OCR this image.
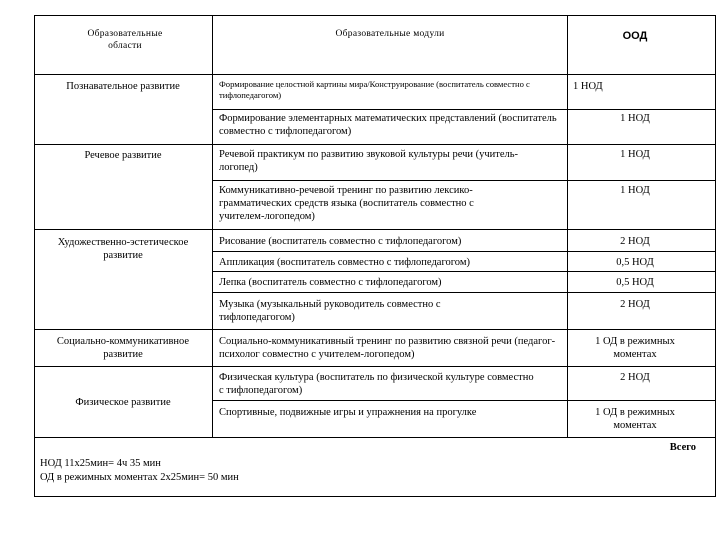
Образовательные области
Образовательные модули	ООД
Познавательное развитие
Речевое развитие
Художественно-эстетическое развитие
Социально-коммуникативное развитие
Физическое развитие
Формирование целостной картины мира/Конструирование (воспитатель совместно с тифлопедагогом)
Формирование элементарных математических представлений (воспитатель совместно с тифлопедагогом)
Речевой практикум по развитию звуковой культуры речи (учитель-логопед)
Коммуникативно-речевой тренинг по развитию лексико-грамматических средств языка (воспитатель совместно с учителем-логопедом)
Рисование (воспитатель совместно с тифлопедагогом)
Аппликация (воспитатель совместно с тифлопедагогом)
Лепка (воспитатель совместно с тифлопедагогом)
Музыка (музыкальный руководитель совместно с тифлопедагогом)
Социально-коммуникативный тренинг по развитию связной речи (педагог-психолог совместно с учителем-логопедом)
Физическая культура (воспитатель по физической культуре совместно с тифлопедагогом)
Спортивные, подвижные игры и упражнения на прогулке
1 НОД
1 НОД
1 НОД
1 НОД
2 НОД
0,5 НОД
0,5 НОД
2 НОД
1 ОД в режимных моментах
2 НОД
1 ОД в режимных моментах
Всего
НОД 11х25мин= 4ч 35 мин
ОД в режимных моментах 2х25мин= 50 мин
